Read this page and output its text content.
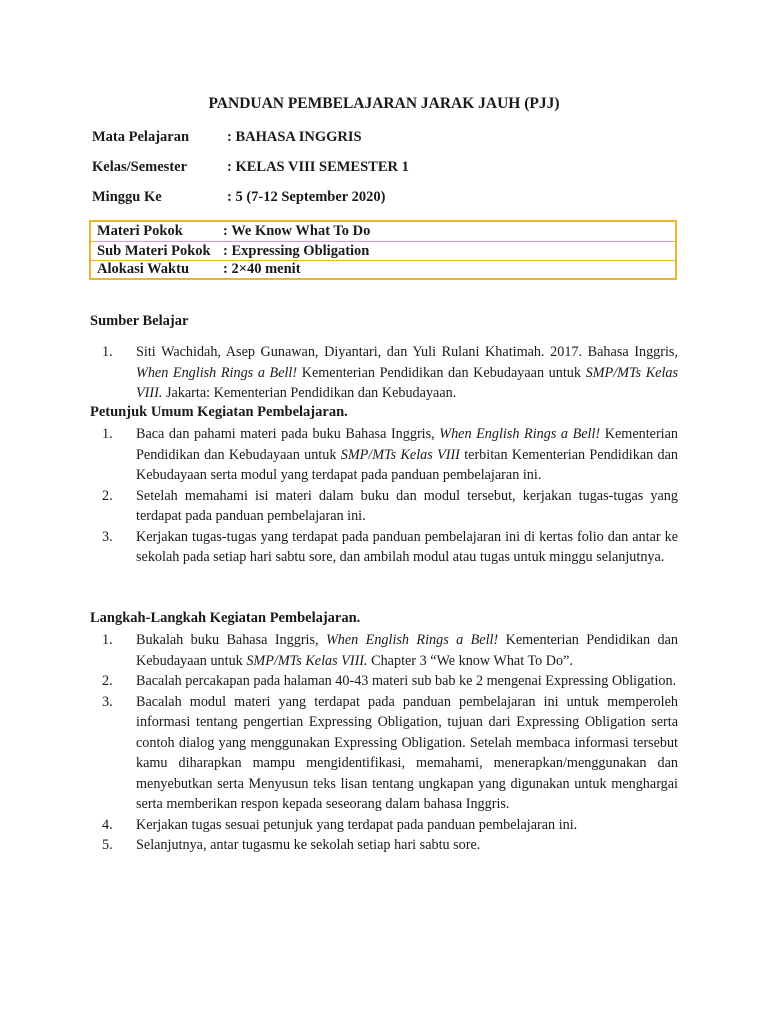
PANDUAN PEMBELAJARAN JARAK JAUH (PJJ)
Mata Pelajaran	: BAHASA INGGRIS
Kelas/Semester	: KELAS VIII SEMESTER 1
Minggu Ke	: 5 (7-12 September 2020)
Materi Pokok	: We Know What To Do
Sub Materi Pokok : Expressing Obligation
Alokasi Waktu : 2×40 menit
Sumber Belajar
1. Siti Wachidah, Asep Gunawan, Diyantari, dan Yuli Rulani Khatimah. 2017. Bahasa Inggris, When English Rings a Bell! Kementerian Pendidikan dan Kebudayaan untuk SMP/MTs Kelas VIII. Jakarta: Kementerian Pendidikan dan Kebudayaan.
Petunjuk Umum Kegiatan Pembelajaran.
1. Baca dan pahami materi pada buku Bahasa Inggris, When English Rings a Bell! Kementerian Pendidikan dan Kebudayaan untuk SMP/MTs Kelas VIII terbitan Kementerian Pendidikan dan Kebudayaan serta modul yang terdapat pada panduan pembelajaran ini.
2. Setelah memahami isi materi dalam buku dan modul tersebut, kerjakan tugas-tugas yang terdapat pada panduan pembelajaran ini.
3. Kerjakan tugas-tugas yang terdapat pada panduan pembelajaran ini di kertas folio dan antar ke sekolah pada setiap hari sabtu sore, dan ambilah modul atau tugas untuk minggu selanjutnya.
Langkah-Langkah Kegiatan Pembelajaran.
1. Bukalah buku Bahasa Inggris, When English Rings a Bell! Kementerian Pendidikan dan Kebudayaan untuk SMP/MTs Kelas VIII. Chapter 3 “We know What To Do”.
2. Bacalah percakapan pada halaman 40-43 materi sub bab ke 2 mengenai Expressing Obligation.
3. Bacalah modul materi yang terdapat pada panduan pembelajaran ini untuk memperoleh informasi tentang pengertian Expressing Obligation, tujuan dari Expressing Obligation serta contoh dialog yang menggunakan Expressing Obligation. Setelah membaca informasi tersebut kamu diharapkan mampu mengidentifikasi, memahami, menerapkan/menggunakan dan menyebutkan serta Menyusun teks lisan tentang ungkapan yang digunakan untuk menghargai serta memberikan respon kepada seseorang dalam bahasa Inggris.
4. Kerjakan tugas sesuai petunjuk yang terdapat pada panduan pembelajaran ini.
5. Selanjutnya, antar tugasmu ke sekolah setiap hari sabtu sore.
